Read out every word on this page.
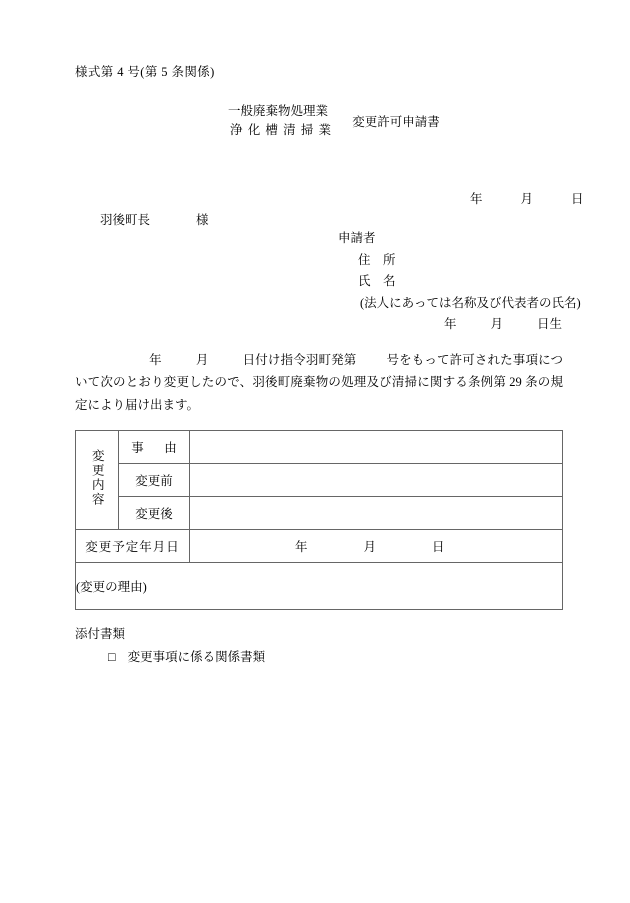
様式第 4 号(第 5 条関係)
一般廃棄物処理業
浄化槽清掃業
変更許可申請書
年	月	日
羽後町長	様
申請者
住　所
氏　名
(法人にあっては名称及び代表者の氏名)
年	月	日生
年	月	日付け指令羽町発第 号をもって許可された事項について次のとおり変更したので、羽後町廃棄物の処理及び清掃に関する条例第 29 条の規定により届け出ます。
変更内容	事　由	
	変更前	
	変更後	
変更予定年月日		年 月 日

(変更の理由)		
添付書類
□ 変更事項に係る関係書類
